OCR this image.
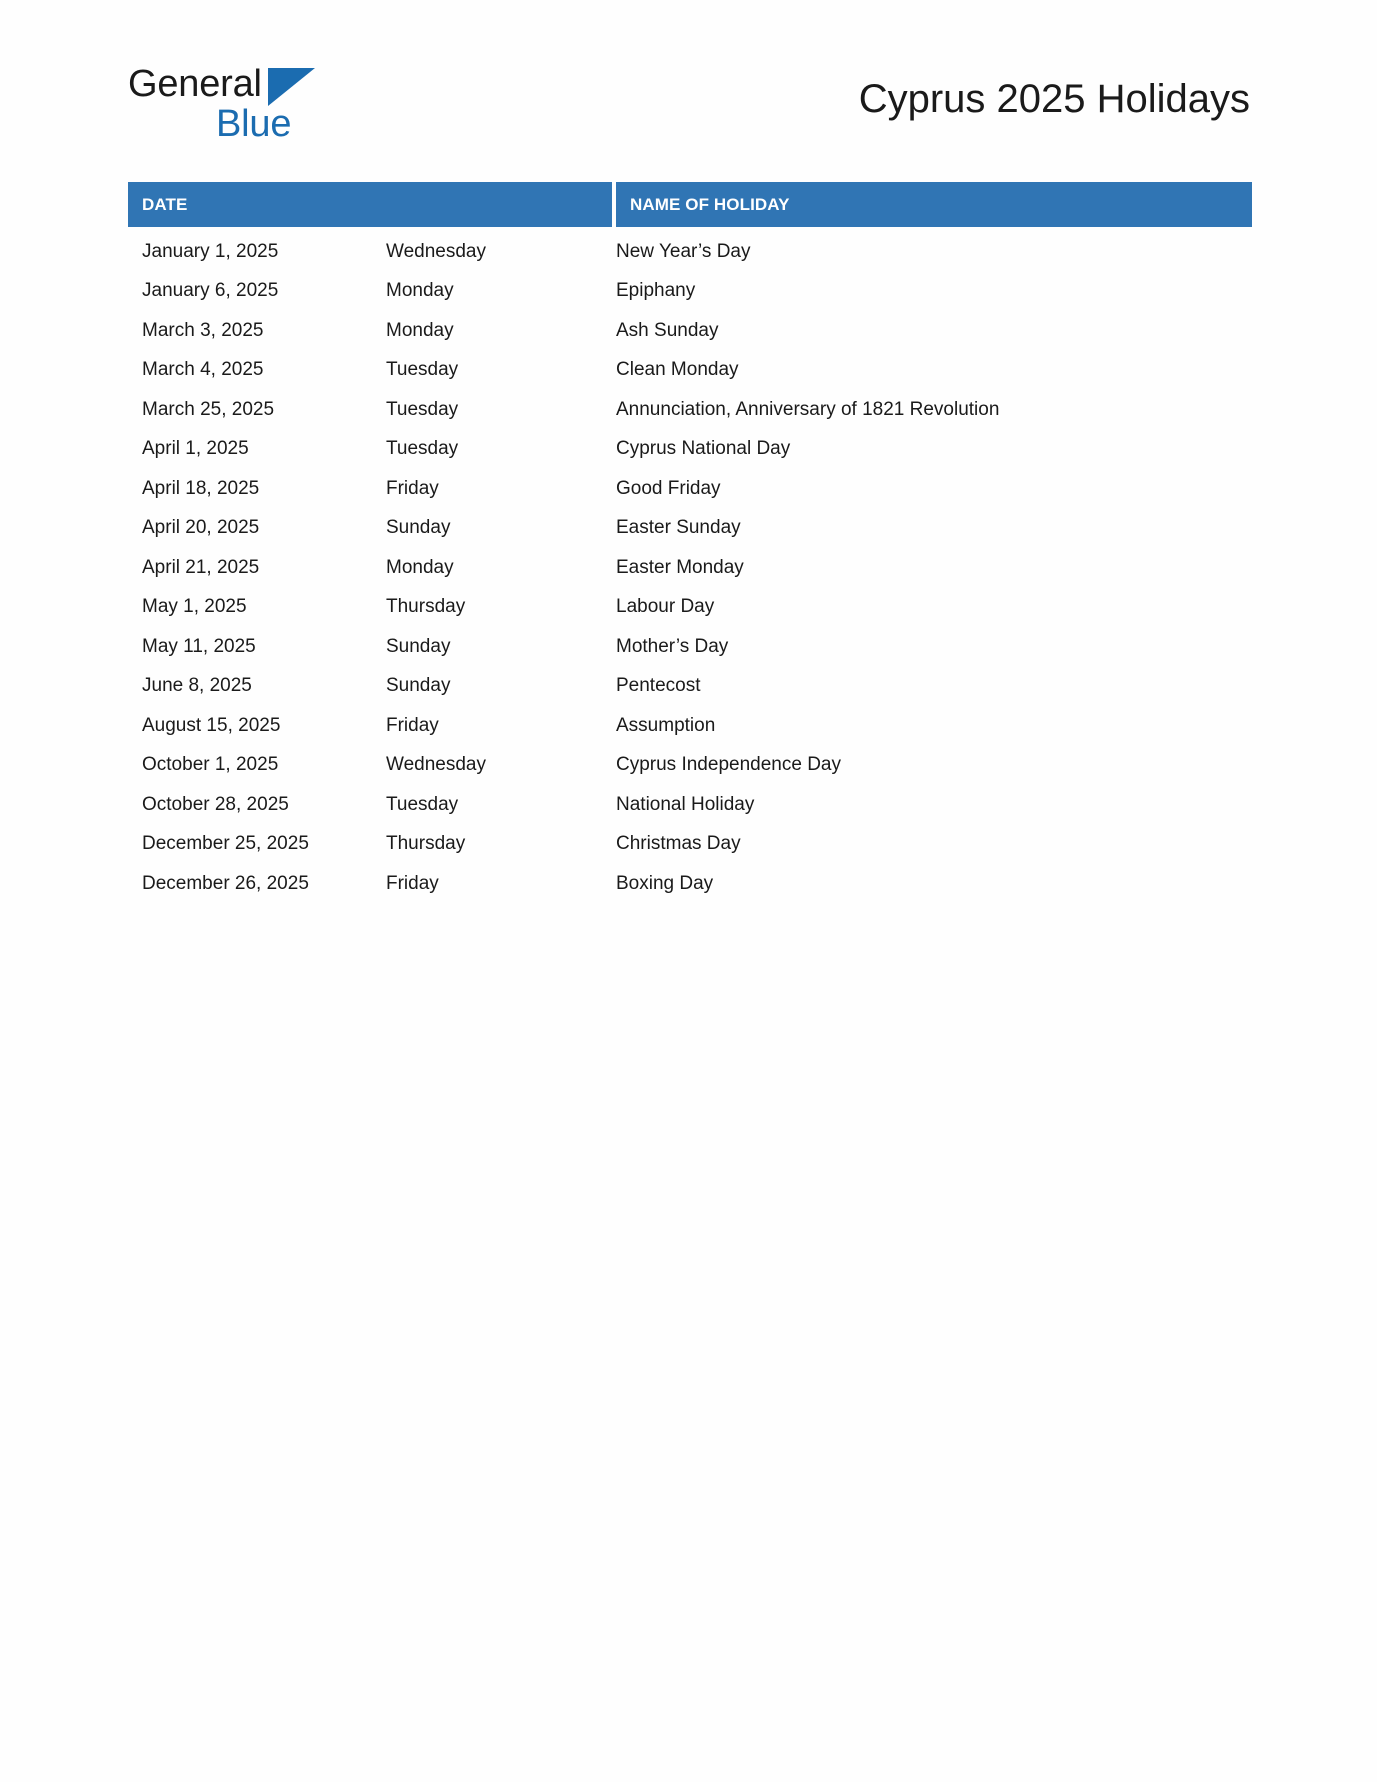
General
Blue
Cyprus 2025 Holidays
DATE	NAME OF HOLIDAY
January 1, 2025	Wednesday	New Year’s Day
January 6, 2025	Monday	Epiphany
March 3, 2025	Monday	Ash Sunday
March 4, 2025	Tuesday	Clean Monday
March 25, 2025	Tuesday	Annunciation, Anniversary of 1821 Revolution
April 1, 2025	Tuesday	Cyprus National Day
April 18, 2025	Friday	Good Friday
April 20, 2025	Sunday	Easter Sunday
April 21, 2025	Monday	Easter Monday
May 1, 2025	Thursday	Labour Day
May 11, 2025	Sunday	Mother’s Day
June 8, 2025	Sunday	Pentecost
August 15, 2025	Friday	Assumption
October 1, 2025	Wednesday	Cyprus Independence Day
October 28, 2025	Tuesday	National Holiday
December 25, 2025	Thursday	Christmas Day
December 26, 2025	Friday	Boxing Day
